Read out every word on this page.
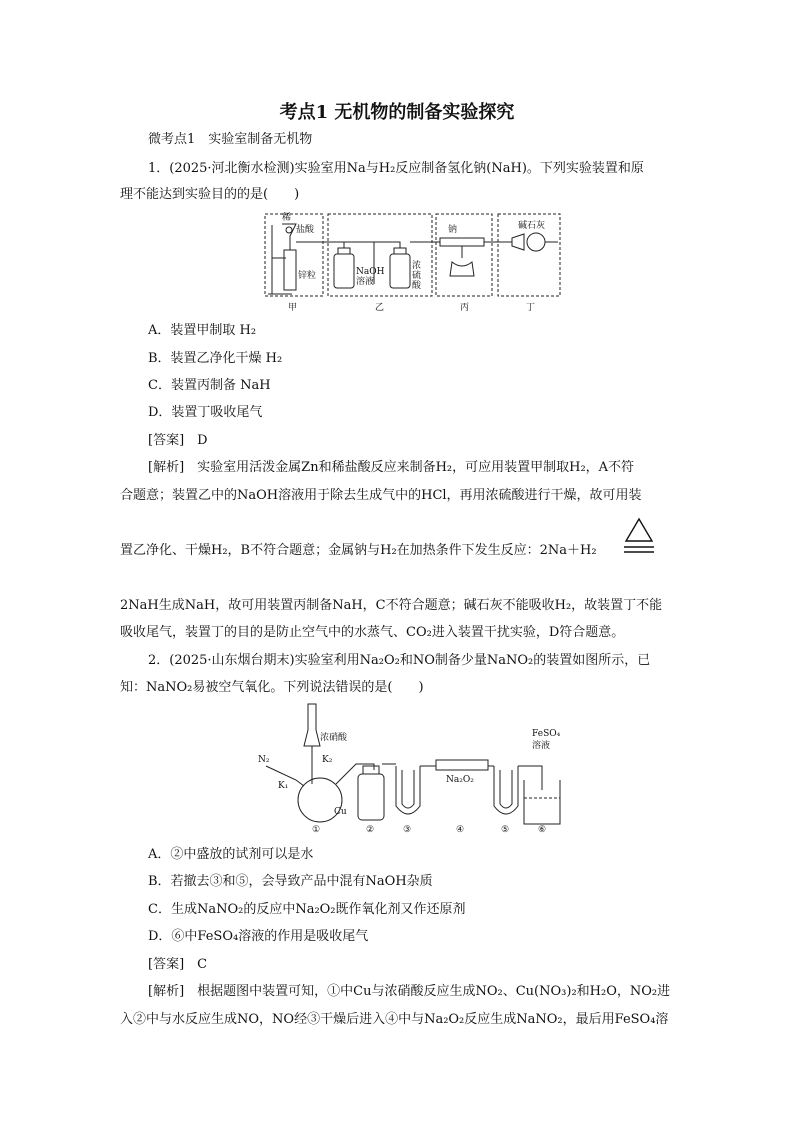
考点1 无机物的制备实验探究
微考点1　实验室制备无机物
1．(2025·河北衡水检测)实验室用Na与H₂反应制备氢化钠(NaH)。下列实验装置和原
理不能达到实验目的的是(　　)
稀
盐酸
锌粒	NaOH
溶液
浓
硫
酸
钠	碱石灰
甲	乙	丙	丁
A．装置甲制取 H₂
B．装置乙净化干燥 H₂
C．装置丙制备 NaH
D．装置丁吸收尾气
[答案]　 D
[解析]　 实验室用活泼金属Zn和稀盐酸反应来制备H₂，可应用装置甲制取H₂，A不符
合题意；装置乙中的NaOH溶液用于除去生成气中的HCl，再用浓硫酸进行干燥，故可用装
置乙净化、干燥H₂，B不符合题意；金属钠与H₂在加热条件下发生反应：2Na＋H₂
2NaH生成NaH，故可用装置丙制备NaH，C不符合题意；碱石灰不能吸收H₂，故装置丁不能
吸收尾气，装置丁的目的是防止空气中的水蒸气、CO₂进入装置干扰实验，D符合题意。
2．(2025·山东烟台期末)实验室利用Na₂O₂和NO制备少量NaNO₂的装置如图所示，已
知：NaNO₂易被空气氧化。下列说法错误的是(　　)
N₂
K₁
K₂
浓硝酸
Cu
Na₂O₂
FeSO₄
溶液
①	②	③	④	⑤	⑥
A．②中盛放的试剂可以是水
B．若撤去③和⑤，会导致产品中混有NaOH杂质
C．生成NaNO₂的反应中Na₂O₂既作氧化剂又作还原剂
D．⑥中FeSO₄溶液的作用是吸收尾气
[答案]　 C
[解析]　 根据题图中装置可知，①中Cu与浓硝酸反应生成NO₂、Cu(NO₃)₂和H₂O，NO₂进
入②中与水反应生成NO，NO经③干燥后进入④中与Na₂O₂反应生成NaNO₂，最后用FeSO₄溶
